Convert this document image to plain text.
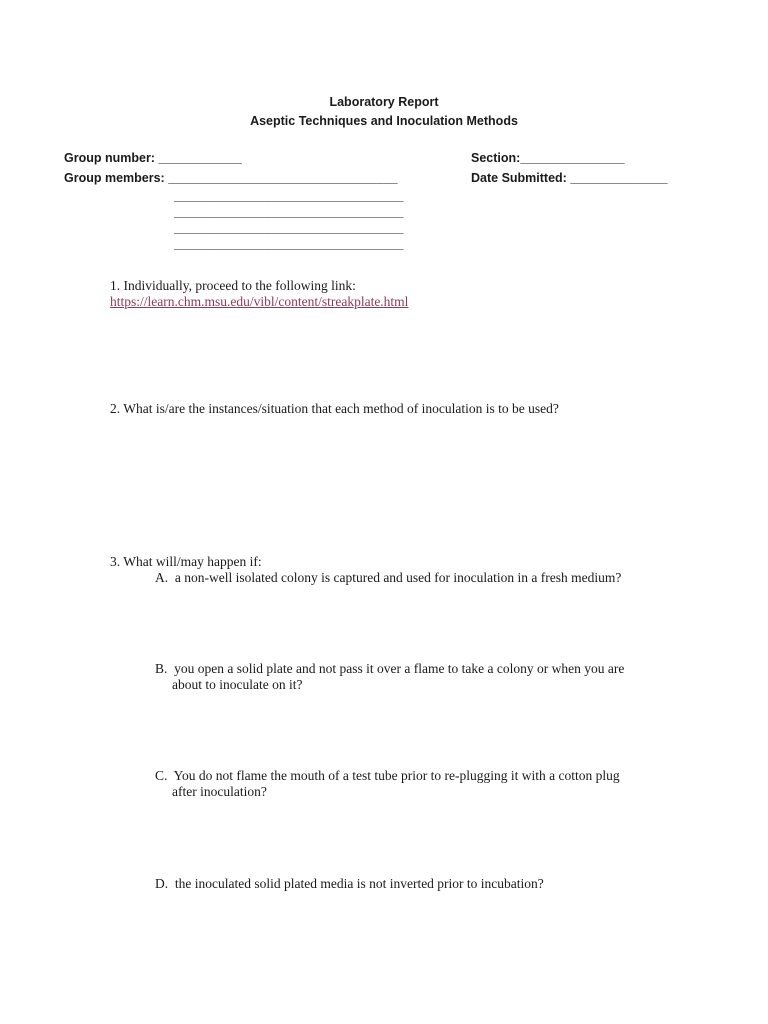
Laboratory Report
Aseptic Techniques and Inoculation Methods
Group number: ____________	Section:_______________
Group members: _________________________________	Date Submitted: ______________
_________________________________
_________________________________
_________________________________
_________________________________
1. Individually, proceed to the following link:
https://learn.chm.msu.edu/vibl/content/streakplate.html
2. What is/are the instances/situation that each method of inoculation is to be used?
3. What will/may happen if:
A.  a non-well isolated colony is captured and used for inoculation in a fresh medium?
B.  you open a solid plate and not pass it over a flame to take a colony or when you are
about to inoculate on it?
C.  You do not flame the mouth of a test tube prior to re-plugging it with a cotton plug
after inoculation?
D.  the inoculated solid plated media is not inverted prior to incubation?
